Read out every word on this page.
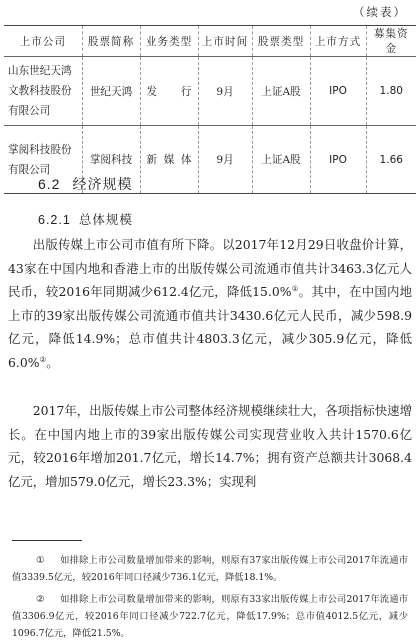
（续表）
上市公司	股票简称	业务类型	上市时间	股票类型	上市方式	募集资金
山东世纪天鸿文教科技股份有限公司	世纪天鸿	发　行	9月	上证A股	IPO	1.80
掌阅科技股份有限公司	掌阅科技	新媒体	9月	上证A股	IPO	1.66
6.2 经济规模
6.2.1 总体规模

出版传媒上市公司市值有所下降。以2017年12月29日收盘价计算，43家在中国内地和香港上市的出版传媒公司流通市值共计3463.3亿元人民币，较2016年同期减少612.4亿元，降低15.0%①。其中，在中国内地上市的39家出版传媒公司流通市值共计3430.6亿元人民币，减少598.9亿元，降低14.9%；总市值共计4803.3亿元，减少305.9亿元，降低6.0%②。

2017年，出版传媒上市公司整体经济规模继续壮大，各项指标快速增长。在中国内地上市的39家出版传媒公司实现营业收入共计1570.6亿元，较2016年增加201.7亿元，增长14.7%；拥有资产总额共计3068.4亿元，增加579.0亿元，增长23.3%；实现利

① 如排除上市公司数量增加带来的影响，则原有37家出版传媒上市公司2017年流通市值3339.5亿元，较2016年同口径减少736.1亿元，降低18.1%。
② 如排除上市公司数量增加带来的影响，则原有33家出版传媒上市公司2017年流通市值3306.9亿元，较2016年同口径减少722.7亿元，降低17.9%；总市值4012.5亿元，减少1096.7亿元，降低21.5%。
